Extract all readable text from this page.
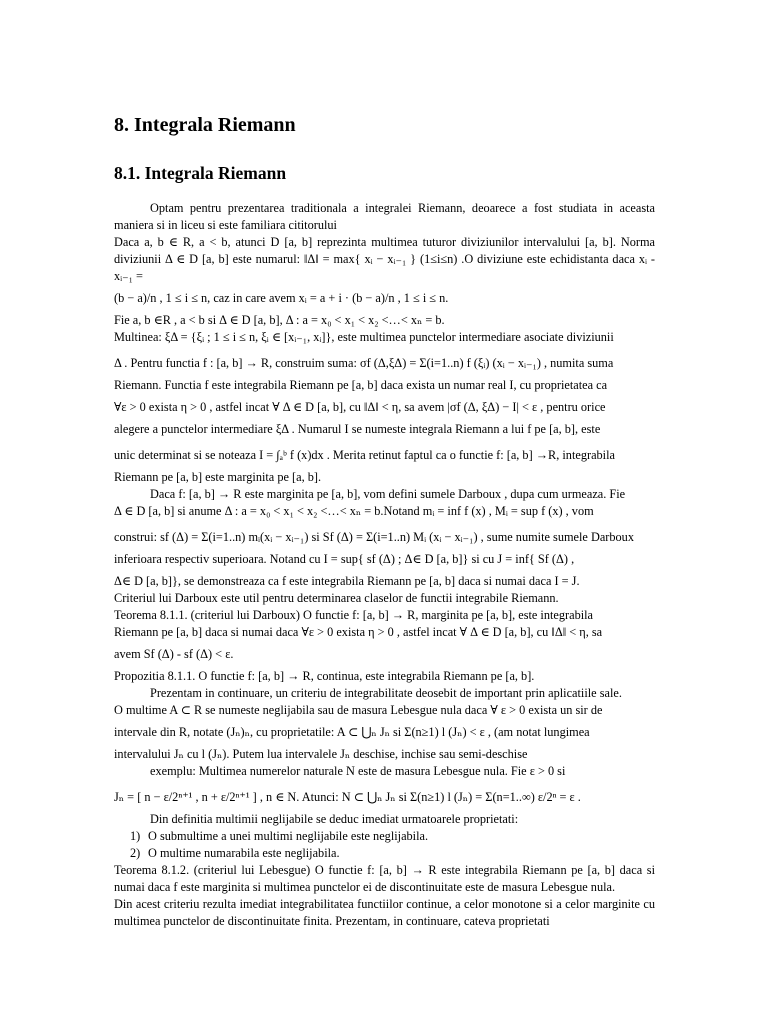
8. Integrala Riemann
8.1. Integrala Riemann

Optam pentru prezentarea traditionala a integralei Riemann, deoarece a fost studiata in aceasta maniera si in liceu si este familiara cititorului

Daca a, b ∈ R, a < b, atunci D [a, b] reprezinta multimea tuturor diviziunilor intervalului [a, b]. Norma diviziunii Δ ∈ D [a, b] este numarul: ‖Δ‖ = max{ xᵢ − xᵢ₋₁ } (1≤i≤n) .O diviziune este echidistanta daca xᵢ - xᵢ₋₁ =

(b − a)/n , 1 ≤ i ≤ n, caz in care avem xᵢ = a + i · (b − a)/n , 1 ≤ i ≤ n.

Fie a, b ∈R , a < b si Δ ∈ D [a, b], Δ : a = x₀ < x₁ < x₂ <…< xₙ = b.

Multinea: ξΔ = {ξᵢ ; 1 ≤ i ≤ n, ξᵢ ∈ [xᵢ₋₁, xᵢ]}, este multimea punctelor intermediare asociate diviziunii

Δ . Pentru functia f : [a, b] → R, construim suma: σf (Δ,ξΔ) = Σ(i=1..n) f (ξᵢ) (xᵢ − xᵢ₋₁) , numita suma

Riemann. Functia f este integrabila Riemann pe [a, b] daca exista un numar real I, cu proprietatea ca

∀ε > 0 exista η > 0 , astfel incat ∀ Δ ∈ D [a, b], cu ‖Δ‖ < η, sa avem |σf (Δ, ξΔ) − I| < ε , pentru orice

alegere a punctelor intermediare ξΔ . Numarul I se numeste integrala Riemann a lui f pe [a, b], este

unic determinat si se noteaza I = ∫ₐᵇ f (x)dx . Merita retinut faptul ca o functie f: [a, b] →R, integrabila

Riemann pe [a, b] este marginita pe [a, b].

Daca f: [a, b] → R este marginita pe [a, b], vom defini sumele Darboux , dupa cum urmeaza. Fie

Δ ∈ D [a, b] si anume Δ : a = x₀ < x₁ < x₂ <…< xₙ = b.Notand mᵢ = inf f (x) , Mᵢ = sup f (x) , vom

construi: sf (Δ) = Σ(i=1..n) mᵢ(xᵢ − xᵢ₋₁) si Sf (Δ) = Σ(i=1..n) Mᵢ (xᵢ − xᵢ₋₁) , sume numite sumele Darboux

inferioara respectiv superioara. Notand cu I = sup{ sf (Δ) ; Δ∈ D [a, b]} si cu J = inf{ Sf (Δ) ,

Δ∈ D [a, b]}, se demonstreaza ca f este integrabila Riemann pe [a, b] daca si numai daca I = J.

Criteriul lui Darboux este util pentru determinarea claselor de functii integrabile Riemann.

Teorema 8.1.1. (criteriul lui Darboux) O functie f: [a, b] → R, marginita pe [a, b], este integrabila

Riemann pe [a, b] daca si numai daca ∀ε > 0 exista η > 0 , astfel incat ∀ Δ ∈ D [a, b], cu ‖Δ‖ < η, sa

avem Sf (Δ) - sf (Δ) < ε.

Propozitia 8.1.1. O functie f: [a, b] → R, continua, este integrabila Riemann pe [a, b].

Prezentam in continuare, un criteriu de integrabilitate deosebit de important prin aplicatiile sale.

O multime A ⊂ R se numeste neglijabila sau de masura Lebesgue nula daca ∀ ε > 0 exista un sir de

intervale din R, notate (Jₙ)ₙ, cu proprietatile: A ⊂ ⋃ₙ Jₙ si Σ(n≥1) l (Jₙ) < ε , (am notat lungimea

intervalului Jₙ cu l (Jₙ). Putem lua intervalele Jₙ deschise, inchise sau semi-deschise

exemplu: Multimea numerelor naturale N este de masura Lebesgue nula. Fie ε > 0 si

Jₙ = [ n − ε/2ⁿ⁺¹ , n + ε/2ⁿ⁺¹ ] , n ∈ N. Atunci: N ⊂ ⋃ₙ Jₙ si Σ(n≥1) l (Jₙ) = Σ(n=1..∞) ε/2ⁿ = ε .

Din definitia multimii neglijabile se deduc imediat urmatoarele proprietati:

1) O submultime a unei multimi neglijabile este neglijabila.
2) O multime numarabila este neglijabila.

Teorema 8.1.2. (criteriul lui Lebesgue) O functie f: [a, b] → R este integrabila Riemann pe [a, b] daca si numai daca f este marginita si multimea punctelor ei de discontinuitate este de masura Lebesgue nula.

Din acest criteriu rezulta imediat integrabilitatea functiilor continue, a celor monotone si a celor marginite cu multimea punctelor de discontinuitate finita. Prezentam, in continuare, cateva proprietati
